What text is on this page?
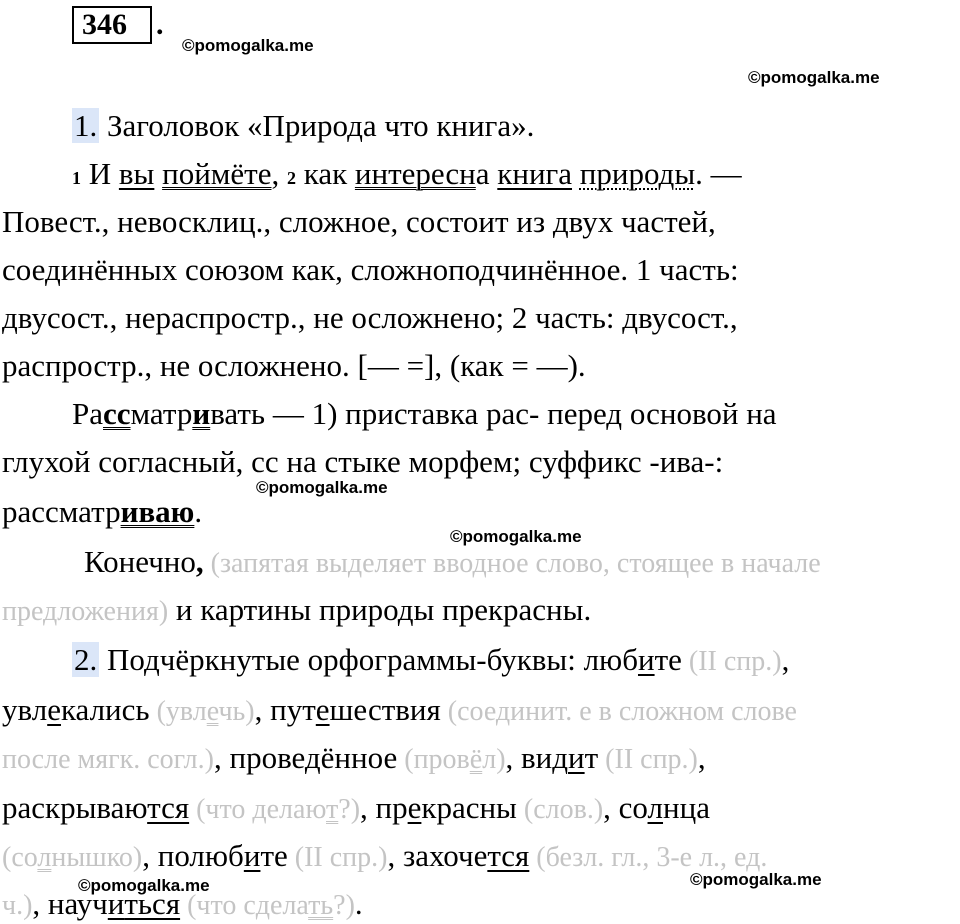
346 .
©pomogalka.me
©pomogalka.me
©pomogalka.me
©pomogalka.me
©pomogalka.me	©pomogalka.me
1. Заголовок «Природа что книга».
1 И вы поймёте, 2 как интересна книга природы. —
Повест., невосклиц., сложное, состоит из двух частей,
соединённых союзом как, сложноподчинённое. 1 часть:
двусост., нераспростр., не осложнено; 2 часть: двусост.,
распростр., не осложнено. [— =], (как = —).
Рассматривать — 1) приставка рас- перед основой на
глухой согласный, сс на стыке морфем; суффикс -ива-:
рассматриваю.
Конечно, (запятая выделяет вводное слово, стоящее в начале
предложения) и картины природы прекрасны.
2. Подчёркнутые орфограммы-буквы: любите (II спр.),
увлекались (увлечь), путешествия (соединит. е в сложном слове
после мягк. согл.), проведённое (провёл), видит (II спр.),
раскрываются (что делают?), прекрасны (слов.), солнца
(солнышко), полюбите (II спр.), захочется (безл. гл., 3-е л., ед.
ч.), научиться (что сделать?).
